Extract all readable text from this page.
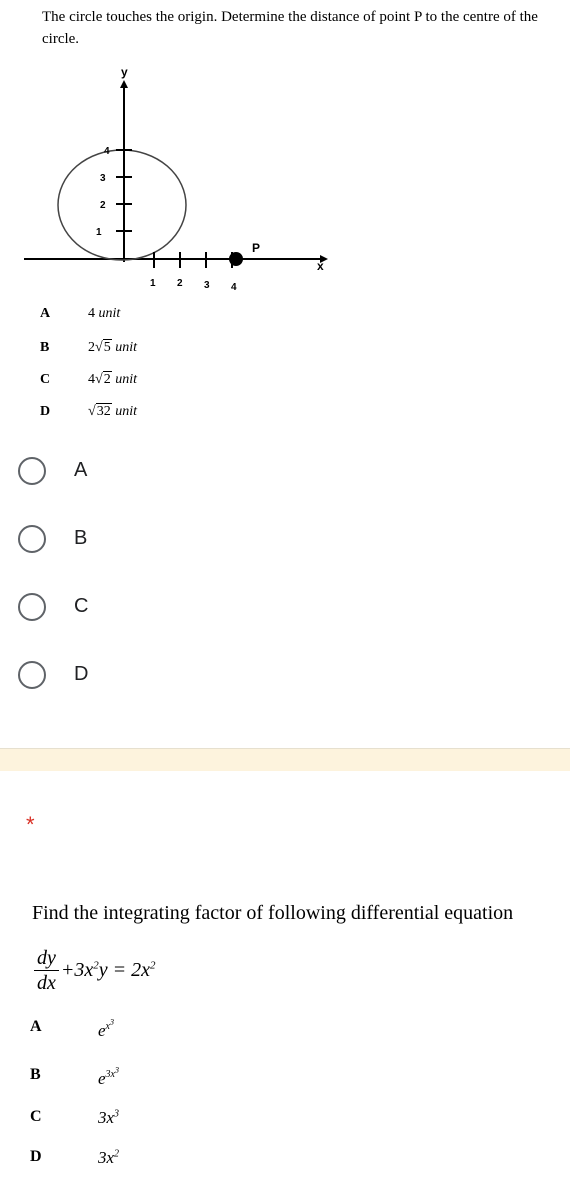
The circle touches the origin. Determine the distance of point P to the centre of the circle.

y
x
P
1
2
3
4
1 2 3 4
A	4 unit
B	2√5 unit
C	4√2 unit
D	√32 unit
A
B
C
D
*

Find the integrating factor of following differential equation

$\frac{dy}{dx} +3x^2y = 2x^2$
A	$e^{x^3}$
B	$e^{3x^3}$
C	$3x^3$
D	$3x^2$
